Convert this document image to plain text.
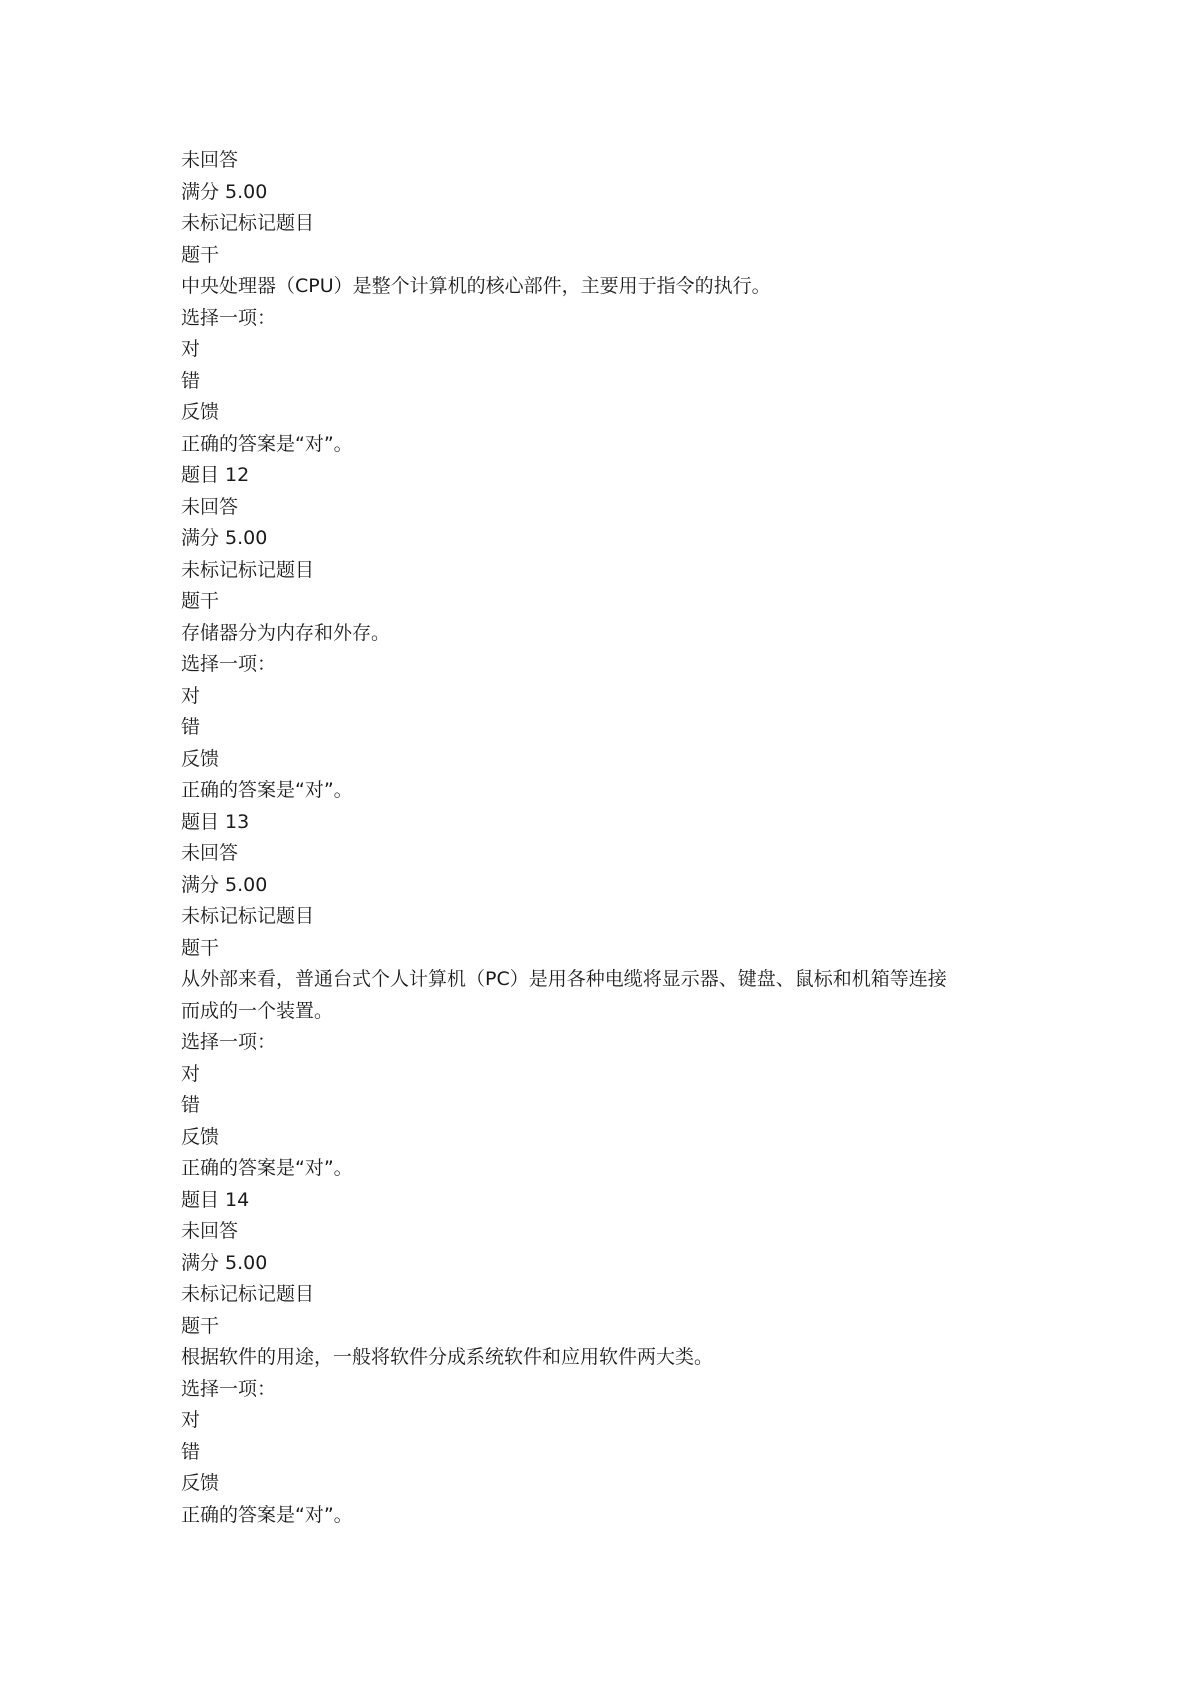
未回答
满分 5.00
未标记标记题目
题干
中央处理器（CPU）是整个计算机的核心部件，主要用于指令的执行。
选择一项：
对
错
反馈
正确的答案是“对”。
题目 12
未回答
满分 5.00
未标记标记题目
题干
存储器分为内存和外存。
选择一项：
对
错
反馈
正确的答案是“对”。
题目 13
未回答
满分 5.00
未标记标记题目
题干
从外部来看，普通台式个人计算机（PC）是用各种电缆将显示器、键盘、鼠标和机箱等连接
而成的一个装置。
选择一项：
对
错
反馈
正确的答案是“对”。
题目 14
未回答
满分 5.00
未标记标记题目
题干
根据软件的用途，一般将软件分成系统软件和应用软件两大类。
选择一项：
对
错
反馈
正确的答案是“对”。
